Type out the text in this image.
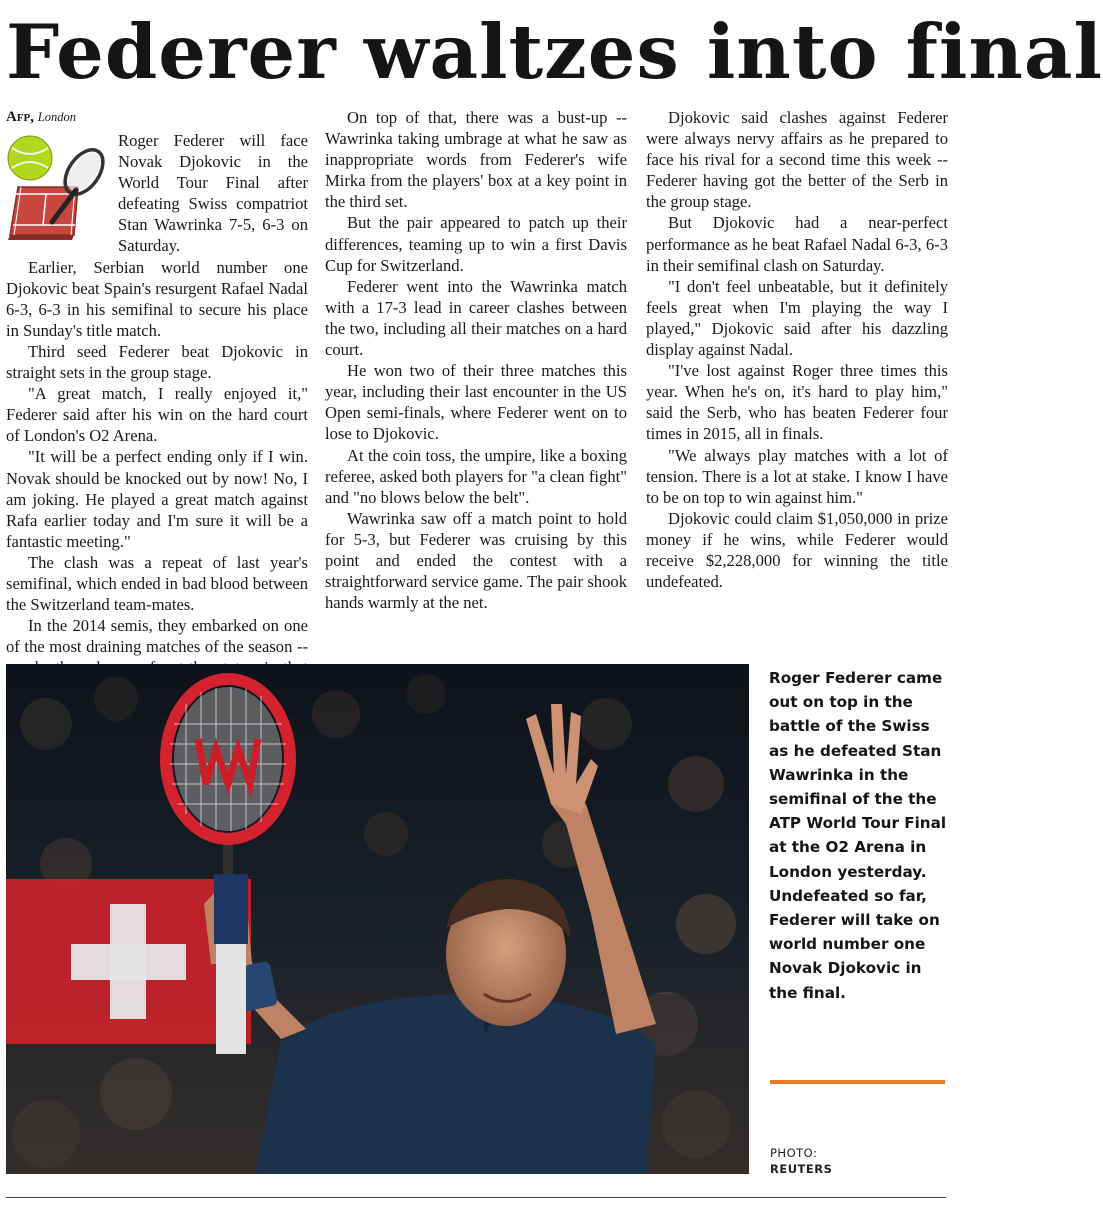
Federer waltzes into final
Afp, London

Roger Federer will face Novak Djokovic in the World Tour Final after defeating Swiss compatriot Stan Wawrinka 7-5, 6-3 on Saturday.

Earlier, Serbian world number one Djokovic beat Spain's resurgent Rafael Nadal 6-3, 6-3 in his semifinal to secure his place in Sunday's title match.

Third seed Federer beat Djokovic in straight sets in the group stage.

"A great match, I really enjoyed it," Federer said after his win on the hard court of London's O2 Arena.

"It will be a perfect ending only if I win. Novak should be knocked out by now! No, I am joking. He played a great match against Rafa earlier today and I'm sure it will be a fantastic meeting."

The clash was a repeat of last year's semifinal, which ended in bad blood between the Switzerland team-mates.

In the 2014 semis, they embarked on one of the most draining matches of the season --

On top of that, there was a bust-up -- Wawrinka taking umbrage at what he saw as inappropriate words from Federer's wife Mirka from the players' box at a key point in the third set.

But the pair appeared to patch up their differences, teaming up to win a first Davis Cup for Switzerland.

Federer went into the Wawrinka match with a 17-3 lead in career clashes between the two, including all their matches on a hard court.

He won two of their three matches this year, including their last encounter in the US Open semi-finals, where Federer went on to lose to Djokovic.

At the coin toss, the umpire, like a boxing referee, asked both players for "a clean fight" and "no blows below the belt".

Wawrinka saw off a match point to hold for 5-3, but Federer was cruising by this point and ended the contest with a straightforward service game. The pair shook hands warmly at the net.

Djokovic said clashes against Federer were always nervy affairs as he prepared to face his rival for a second time this week -- Federer having got the better of the Serb in the group stage.

But Djokovic had a near-perfect performance as he beat Rafael Nadal 6-3, 6-3 in their semifinal clash on Saturday.

"I don't feel unbeatable, but it definitely feels great when I'm playing the way I played," Djokovic said after his dazzling display against Nadal.

"I've lost against Roger three times this year. When he's on, it's hard to play him," said the Serb, who has beaten Federer four times in 2015, all in finals.

"We always play matches with a lot of tension. There is a lot at stake. I know I have to be on top to win against him."

Djokovic could claim $1,050,000 in prize money if he wins, while Federer would receive $2,228,000 for winning the title undefeated.

Roger Federer came out on top in the battle of the Swiss as he defeated Stan Wawrinka in the semifinal of the the ATP World Tour Final at the O2 Arena in London yesterday. Undefeated so far, Federer will take on world number one Novak Djokovic in the final.
PHOTO:
REUTERS
